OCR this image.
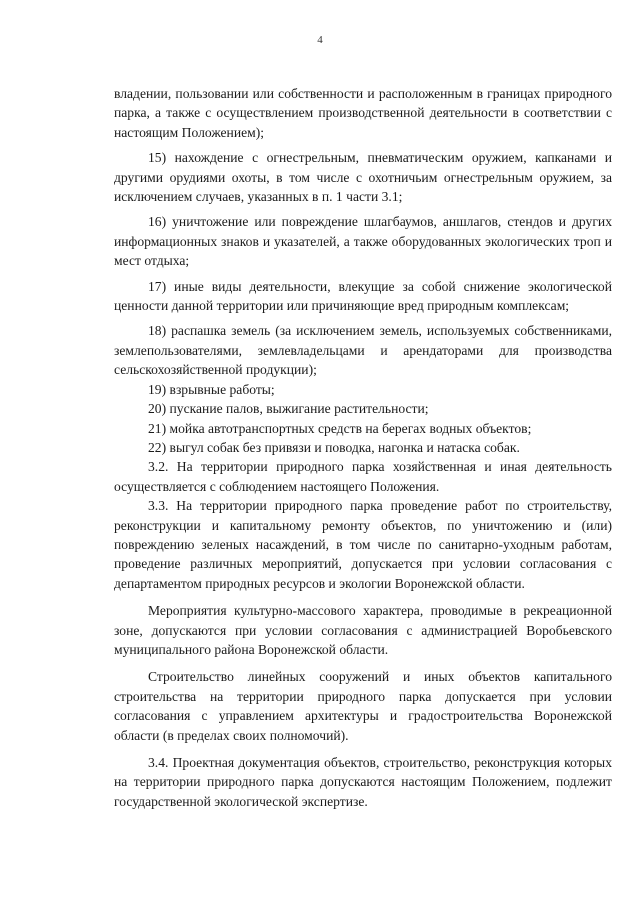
4

владении, пользовании или собственности и расположенным в границах природного парка, а также с осуществлением производственной деятельности в соответствии с настоящим Положением);

15) нахождение с огнестрельным, пневматическим оружием, капканами и другими орудиями охоты, в том числе с охотничьим огнестрельным оружием, за исключением случаев, указанных в п. 1 части 3.1;

16) уничтожение или повреждение шлагбаумов, аншлагов, стендов и других информационных знаков и указателей, а также оборудованных экологических троп и мест отдыха;

17) иные виды деятельности, влекущие за собой снижение экологической ценности данной территории или причиняющие вред природным комплексам;

18) распашка земель (за исключением земель, используемых собственниками, землепользователями, землевладельцами и арендаторами для производства сельскохозяйственной продукции);

19) взрывные работы;

20) пускание палов, выжигание растительности;

21) мойка автотранспортных средств на берегах водных объектов;

22) выгул собак без привязи и поводка, нагонка и натаска собак.

3.2. На территории природного парка хозяйственная и иная деятельность осуществляется с соблюдением настоящего Положения.

3.3. На территории природного парка проведение работ по строительству, реконструкции и капитальному ремонту объектов, по уничтожению и (или) повреждению зеленых насаждений, в том числе по санитарно-уходным работам, проведение различных мероприятий, допускается при условии согласования с департаментом природных ресурсов и экологии Воронежской области.

Мероприятия культурно-массового характера, проводимые в рекреационной зоне, допускаются при условии согласования с администрацией Воробьевского муниципального района Воронежской области.

Строительство линейных сооружений и иных объектов капитального строительства на территории природного парка допускается при условии согласования с управлением архитектуры и градостроительства Воронежской области (в пределах своих полномочий).

3.4. Проектная документация объектов, строительство, реконструкция которых на территории природного парка допускаются настоящим Положением, подлежит государственной экологической экспертизе.
